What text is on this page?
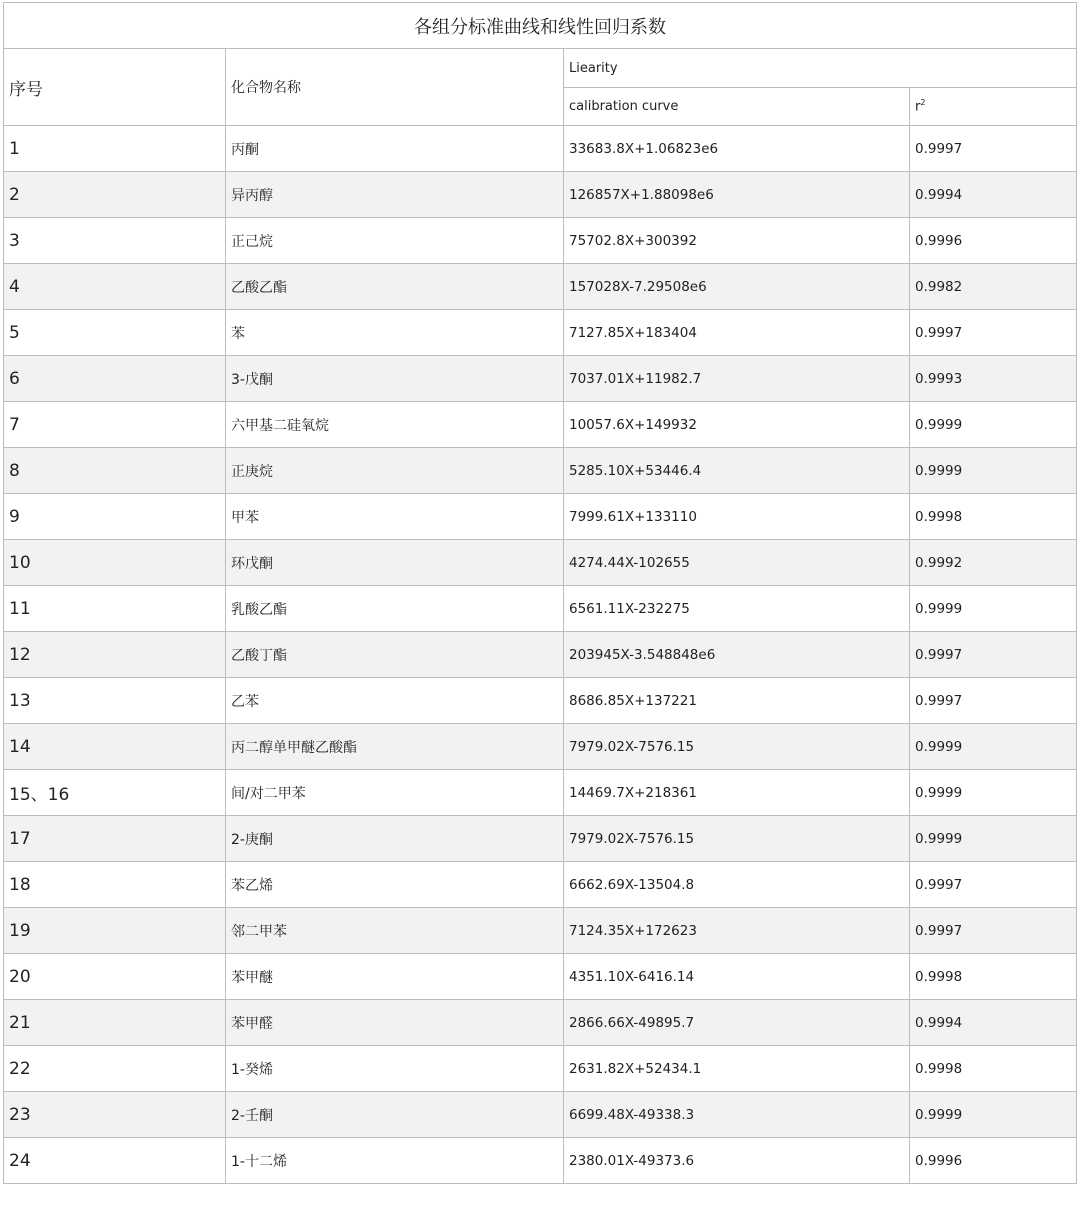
各组分标准曲线和线性回归系数			
序号	化合物名称	Liearity	
		calibration curve	$r^2$
1	丙酮	33683.8X+1.06823e6	0.9997
2	异丙醇	126857X+1.88098e6	0.9994
3	正己烷	75702.8X+300392	0.9996
4	乙酸乙酯	157028X-7.29508e6	0.9982
5	苯	7127.85X+183404	0.9997
6	3-戊酮	7037.01X+11982.7	0.9993
7	六甲基二硅氧烷	10057.6X+149932	0.9999
8	正庚烷	5285.10X+53446.4	0.9999
9	甲苯	7999.61X+133110	0.9998
10	环戊酮	4274.44X-102655	0.9992
11	乳酸乙酯	6561.11X-232275	0.9999
12	乙酸丁酯	203945X-3.548848e6	0.9997
13	乙苯	8686.85X+137221	0.9997
14	丙二醇单甲醚乙酸酯	7979.02X-7576.15	0.9999
15、16	间/对二甲苯	14469.7X+218361	0.9999
17	2-庚酮	7979.02X-7576.15	0.9999
18	苯乙烯	6662.69X-13504.8	0.9997
19	邻二甲苯	7124.35X+172623	0.9997
20	苯甲醚	4351.10X-6416.14	0.9998
21	苯甲醛	2866.66X-49895.7	0.9994
22	1-癸烯	2631.82X+52434.1	0.9998
23	2-壬酮	6699.48X-49338.3	0.9999
24	1-十二烯	2380.01X-49373.6	0.9996
